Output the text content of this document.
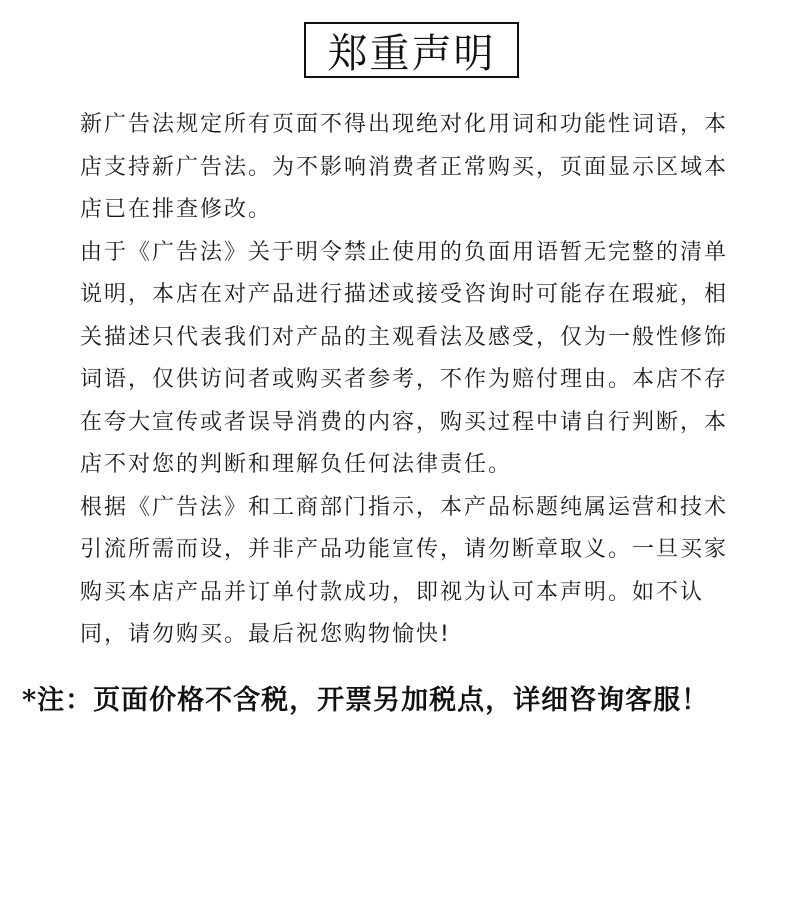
郑重声明

新广告法规定所有页面不得出现绝对化用词和功能性词语，本店支持新广告法。为不影响消费者正常购买，页面显示区域本店已在排查修改。

由于《广告法》关于明令禁止使用的负面用语暂无完整的清单说明，本店在对产品进行描述或接受咨询时可能存在瑕疵，相关描述只代表我们对产品的主观看法及感受，仅为一般性修饰词语，仅供访问者或购买者参考，不作为赔付理由。本店不存在夸大宣传或者误导消费的内容，购买过程中请自行判断，本店不对您的判断和理解负任何法律责任。

根据《广告法》和工商部门指示，本产品标题纯属运营和技术引流所需而设，并非产品功能宣传，请勿断章取义。一旦买家购买本店产品并订单付款成功，即视为认可本声明。如不认同，请勿购买。最后祝您购物愉快!

*注：页面价格不含税，开票另加税点，详细咨询客服！
